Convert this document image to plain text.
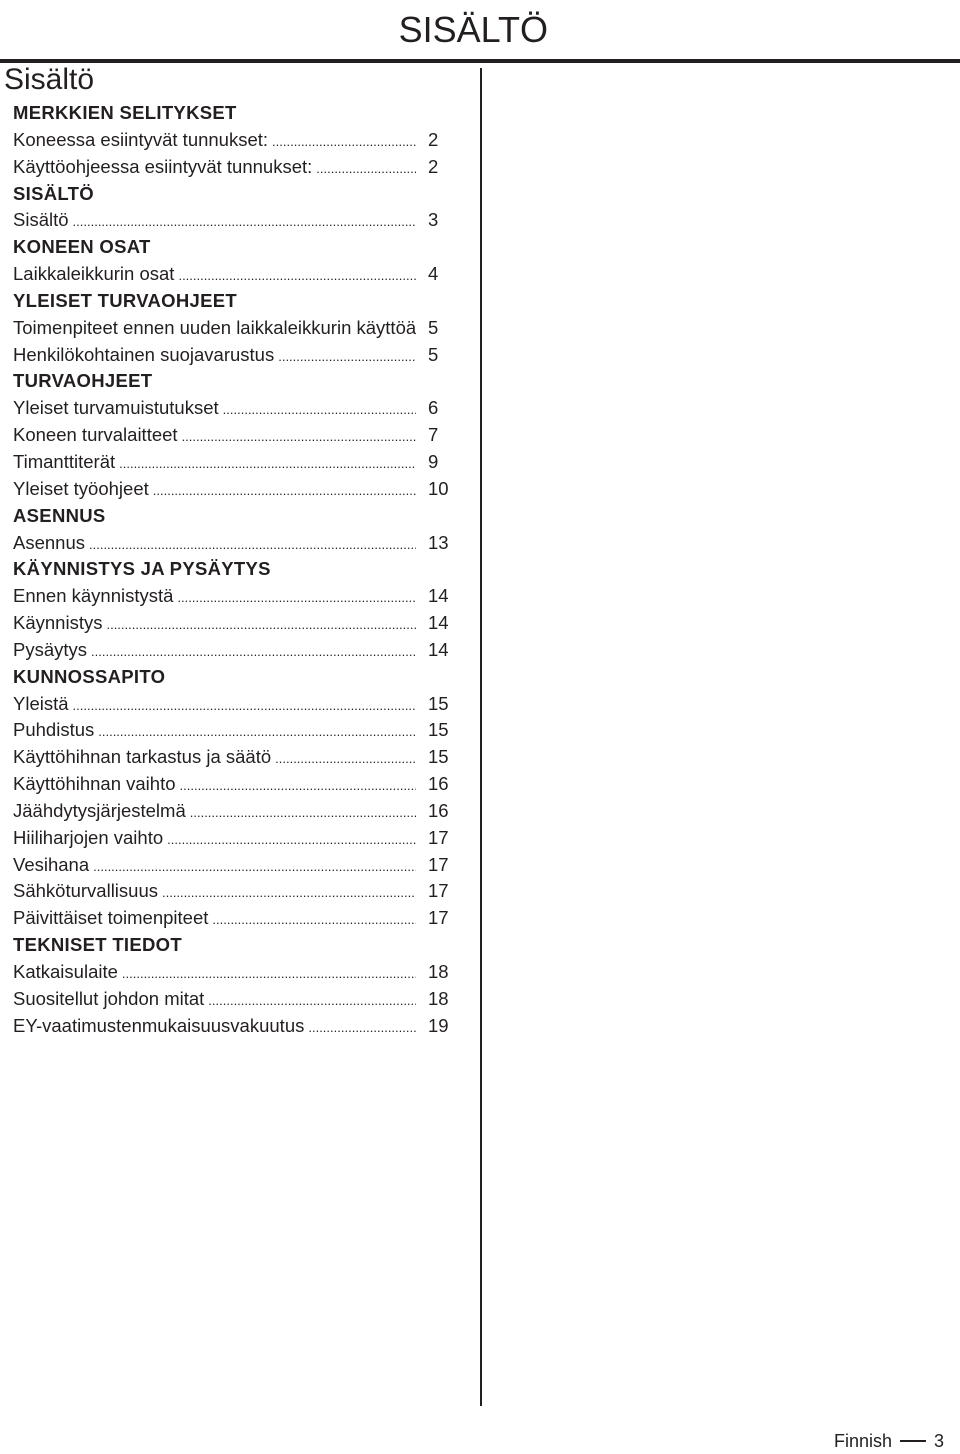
SISÄLTÖ
Sisältö
MERKKIEN SELITYKSET
Koneessa esiintyvät tunnukset: .....	2
Käyttöohjeessa esiintyvät tunnukset: .....	2
SISÄLTÖ
Sisältö .....	3
KONEEN OSAT
Laikkaleikkurin osat .....	4
YLEISET TURVAOHJEET
Toimenpiteet ennen uuden laikkaleikkurin käyttöä 5
Henkilökohtainen suojavarustus .....	5
TURVAOHJEET
Yleiset turvamuistutukset .....	6
Koneen turvalaitteet .....	7
Timanttiterät .....	9
Yleiset työohjeet .....	10
ASENNUS
Asennus .....	13
KÄYNNISTYS JA PYSÄYTYS
Ennen käynnistystä .....	14
Käynnistys .....	14
Pysäytys .....	14
KUNNOSSAPITO
Yleistä .....	15
Puhdistus .....	15
Käyttöhihnan tarkastus ja säätö .....	15
Käyttöhihnan vaihto .....	16
Jäähdytysjärjestelmä .....	16
Hiiliharjojen vaihto .....	17
Vesihana .....	17
Sähköturvallisuus .....	17
Päivittäiset toimenpiteet .....	17
TEKNISET TIEDOT
Katkaisulaite .....	18
Suositellut johdon mitat .....	18
EY-vaatimustenmukaisuusvakuutus .....	19
Finnish 3
